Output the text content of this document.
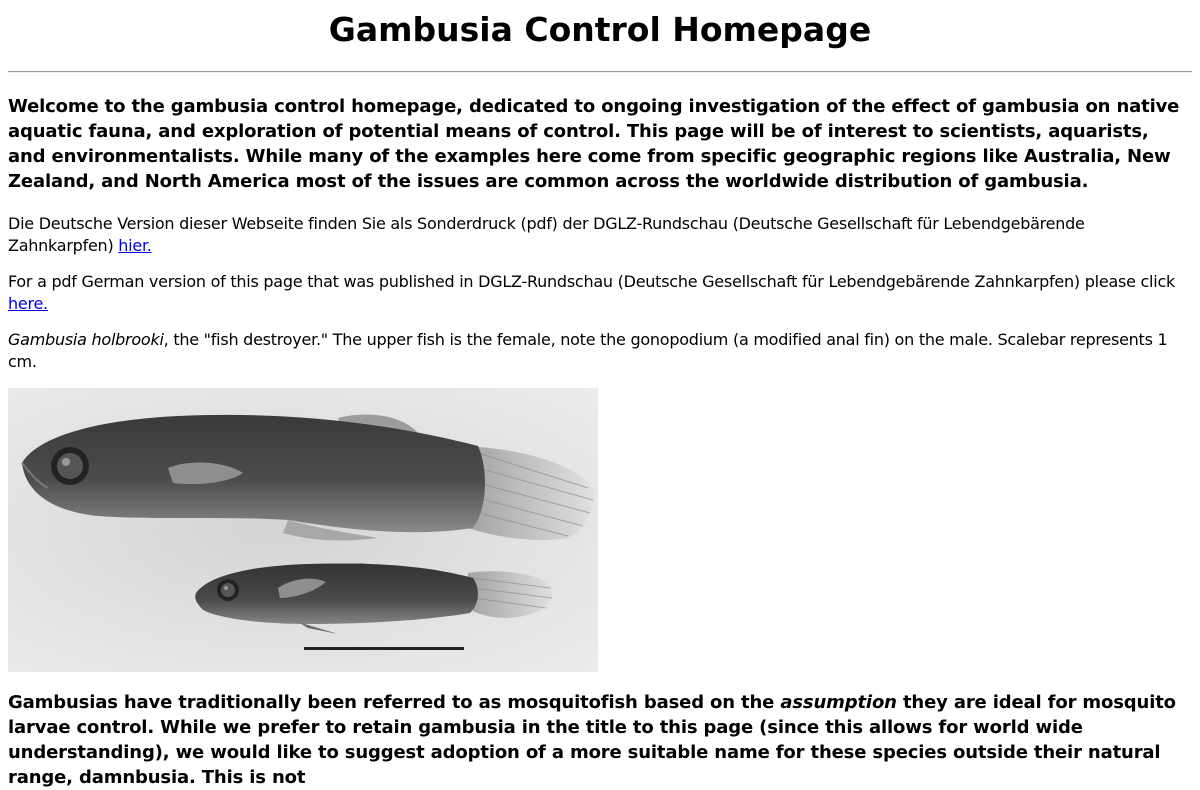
Gambusia Control Homepage

Welcome to the gambusia control homepage, dedicated to ongoing investigation of the effect of gambusia on native aquatic fauna, and exploration of potential means of control. This page will be of interest to scientists, aquarists, and environmentalists. While many of the examples here come from specific geographic regions like Australia, New Zealand, and North America most of the issues are common across the worldwide distribution of gambusia.

Die Deutsche Version dieser Webseite finden Sie als Sonderdruck (pdf) der DGLZ-Rundschau (Deutsche Gesellschaft für Lebendgebärende Zahnkarpfen) hier.

For a pdf German version of this page that was published in DGLZ-Rundschau (Deutsche Gesellschaft für Lebendgebärende Zahnkarpfen) please click here.

Gambusia holbrooki, the "fish destroyer." The upper fish is the female, note the gonopodium (a modified anal fin) on the male. Scalebar represents 1 cm.

Gambusias have traditionally been referred to as mosquitofish based on the assumption they are ideal for mosquito larvae control. While we prefer to retain gambusia in the title to this page (since this allows for world wide understanding), we would like to suggest adoption of a more suitable name for these species outside their natural range, damnbusia. This is not
